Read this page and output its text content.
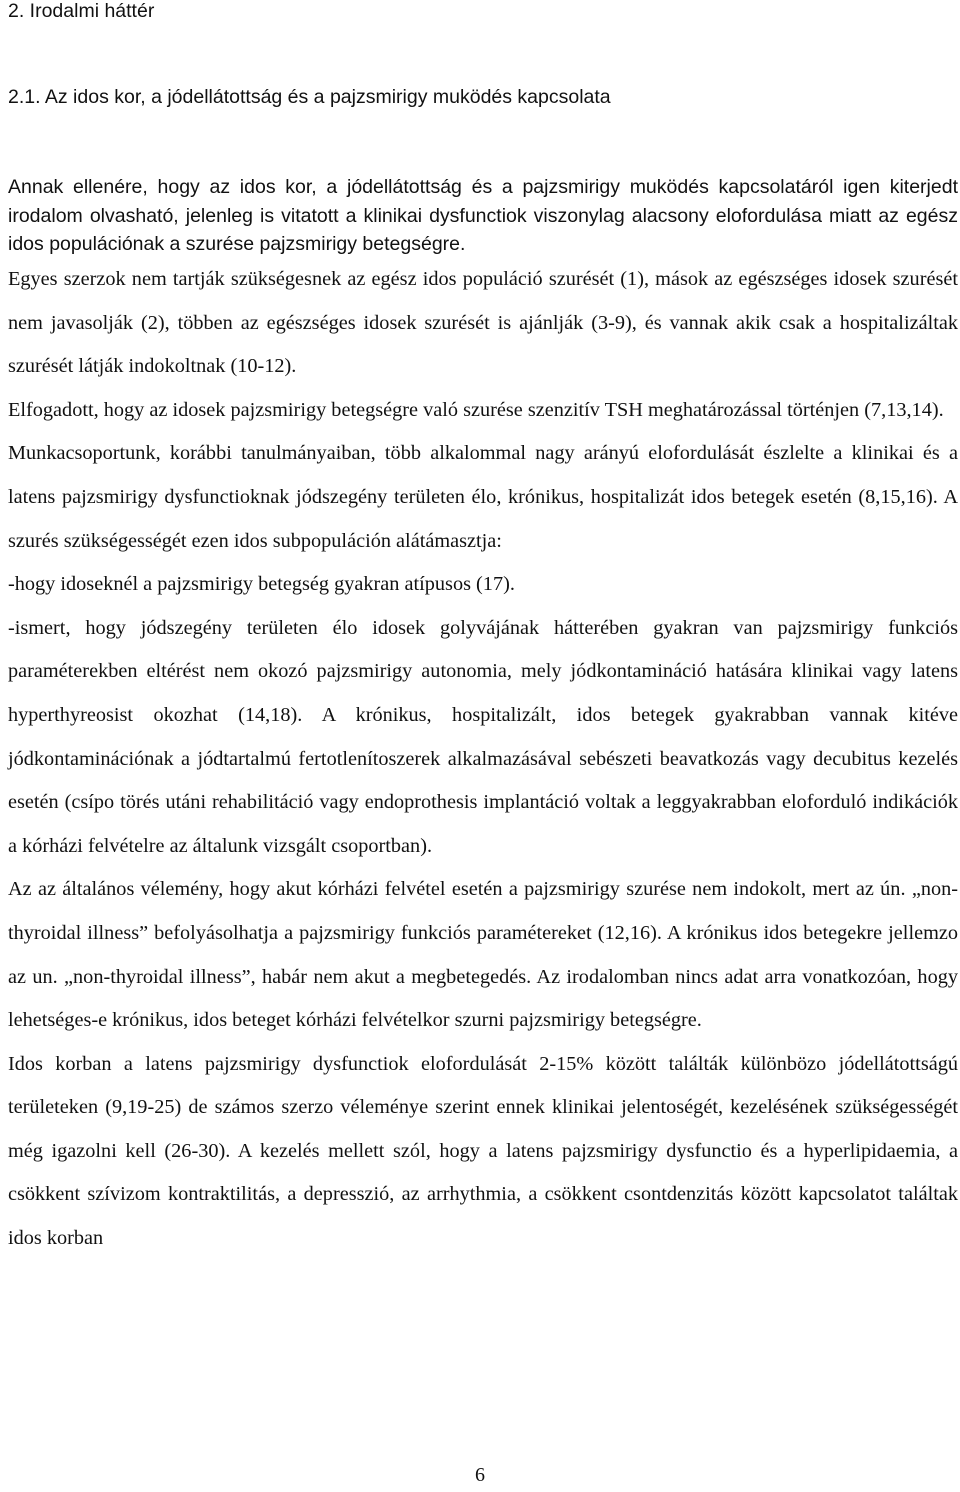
2. Irodalmi háttér
2.1. Az idos kor, a jódellátottság és a pajzsmirigy muködés kapcsolata

Annak ellenére, hogy az idos kor, a jódellátottság és a pajzsmirigy muködés kapcsolatáról igen kiterjedt irodalom olvasható, jelenleg is vitatott a klinikai dysfunctiok viszonylag alacsony elofordulása miatt az egész idos populációnak a szurése pajzsmirigy betegségre.

Egyes szerzok nem tartják szükségesnek az egész idos populáció szurését (1), mások az egészséges idosek szurését nem javasolják (2), többen az egészséges idosek szurését is ajánlják (3-9), és vannak akik csak a hospitalizáltak szurését látják indokoltnak (10-12).

Elfogadott, hogy az idosek pajzsmirigy betegségre való szurése szenzitív TSH meghatározással történjen (7,13,14).

Munkacsoportunk, korábbi tanulmányaiban, több alkalommal nagy arányú elofordulását észlelte a klinikai és a latens pajzsmirigy dysfunctioknak jódszegény területen élo, krónikus, hospitalizát idos betegek esetén (8,15,16). A szurés szükségességét ezen idos subpopuláción alátámasztja:

-hogy idoseknél a pajzsmirigy betegség gyakran atípusos (17).

-ismert, hogy jódszegény területen élo idosek golyvájának hátterében gyakran van pajzsmirigy funkciós paraméterekben eltérést nem okozó pajzsmirigy autonomia, mely jódkontamináció hatására klinikai vagy latens hyperthyreosist okozhat (14,18). A krónikus, hospitalizált, idos betegek gyakrabban vannak kitéve jódkontaminációnak a jódtartalmú fertotlenítoszerek alkalmazásával sebészeti beavatkozás vagy decubitus kezelés esetén (csípo törés utáni rehabilitáció vagy endoprothesis implantáció voltak a leggyakrabban eloforduló indikációk a kórházi felvételre az általunk vizsgált csoportban).

Az az általános vélemény, hogy akut kórházi felvétel esetén a pajzsmirigy szurése nem indokolt, mert az ún. „non-thyroidal illness” befolyásolhatja a pajzsmirigy funkciós paramétereket (12,16). A krónikus idos betegekre jellemzo az un. „non-thyroidal illness”, habár nem akut a megbetegedés. Az irodalomban nincs adat arra vonatkozóan, hogy lehetséges-e krónikus, idos beteget kórházi felvételkor szurni pajzsmirigy betegségre.

Idos korban a latens pajzsmirigy dysfunctiok elofordulását 2-15% között találták különbözo jódellátottságú területeken (9,19-25) de számos szerzo véleménye szerint ennek klinikai jelentoségét, kezelésének szükségességét még igazolni kell (26-30). A kezelés mellett szól, hogy a latens pajzsmirigy dysfunctio és a hyperlipidaemia, a csökkent szívizom kontraktilitás, a depresszió, az arrhythmia, a csökkent csontdenzitás között kapcsolatot találtak idos korban

6
